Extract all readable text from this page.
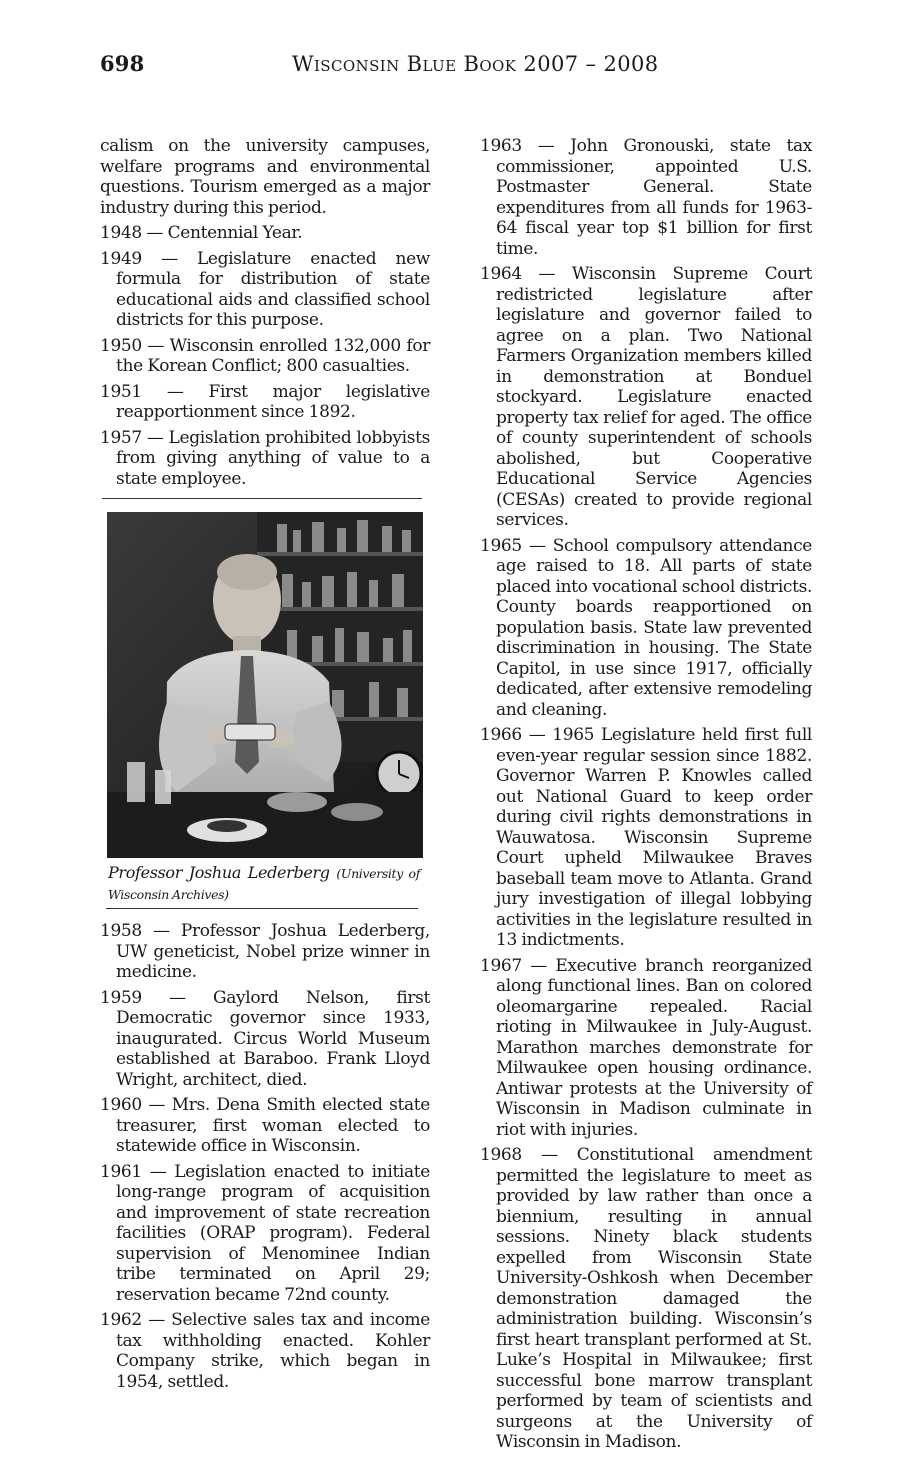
698	Wisconsin Blue Book 2007 – 2008

calism on the university campuses, welfare programs and environmental questions. Tourism emerged as a major industry during this period.

1948 — Centennial Year.

1949 — Legislature enacted new formula for distribution of state educational aids and classified school districts for this purpose.

1950 — Wisconsin enrolled 132,000 for the Korean Conflict; 800 casualties.

1951 — First major legislative reapportionment since 1892.

1957 — Legislation prohibited lobbyists from giving anything of value to a state employee.

Professor Joshua Lederberg (University of Wisconsin Archives)

1958 — Professor Joshua Lederberg, UW geneticist, Nobel prize winner in medicine.

1959 — Gaylord Nelson, first Democratic governor since 1933, inaugurated. Circus World Museum established at Baraboo. Frank Lloyd Wright, architect, died.

1960 — Mrs. Dena Smith elected state treasurer, first woman elected to statewide office in Wisconsin.

1961 — Legislation enacted to initiate long-range program of acquisition and improvement of state recreation facilities (ORAP program). Federal supervision of Menominee Indian tribe terminated on April 29; reservation became 72nd county.

1962 — Selective sales tax and income tax withholding enacted. Kohler Company strike, which began in 1954, settled.

1963 — John Gronouski, state tax commissioner, appointed U.S. Postmaster General. State expenditures from all funds for 1963-64 fiscal year top $1 billion for first time.

1964 — Wisconsin Supreme Court redistricted legislature after legislature and governor failed to agree on a plan. Two National Farmers Organization members killed in demonstration at Bonduel stockyard. Legislature enacted property tax relief for aged. The office of county superintendent of schools abolished, but Cooperative Educational Service Agencies (CESAs) created to provide regional services.

1965 — School compulsory attendance age raised to 18. All parts of state placed into vocational school districts. County boards reapportioned on population basis. State law prevented discrimination in housing. The State Capitol, in use since 1917, officially dedicated, after extensive remodeling and cleaning.

1966 — 1965 Legislature held first full even-year regular session since 1882. Governor Warren P. Knowles called out National Guard to keep order during civil rights demonstrations in Wauwatosa. Wisconsin Supreme Court upheld Milwaukee Braves baseball team move to Atlanta. Grand jury investigation of illegal lobbying activities in the legislature resulted in 13 indictments.

1967 — Executive branch reorganized along functional lines. Ban on colored oleomargarine repealed. Racial rioting in Milwaukee in July-August. Marathon marches demonstrate for Milwaukee open housing ordinance. Antiwar protests at the University of Wisconsin in Madison culminate in riot with injuries.

1968 — Constitutional amendment permitted the legislature to meet as provided by law rather than once a biennium, resulting in annual sessions. Ninety black students expelled from Wisconsin State University-Oshkosh when December demonstration damaged the administration building. Wisconsin’s first heart transplant performed at St. Luke’s Hospital in Milwaukee; first successful bone marrow transplant performed by team of scientists and surgeons at the University of Wisconsin in Madison.
